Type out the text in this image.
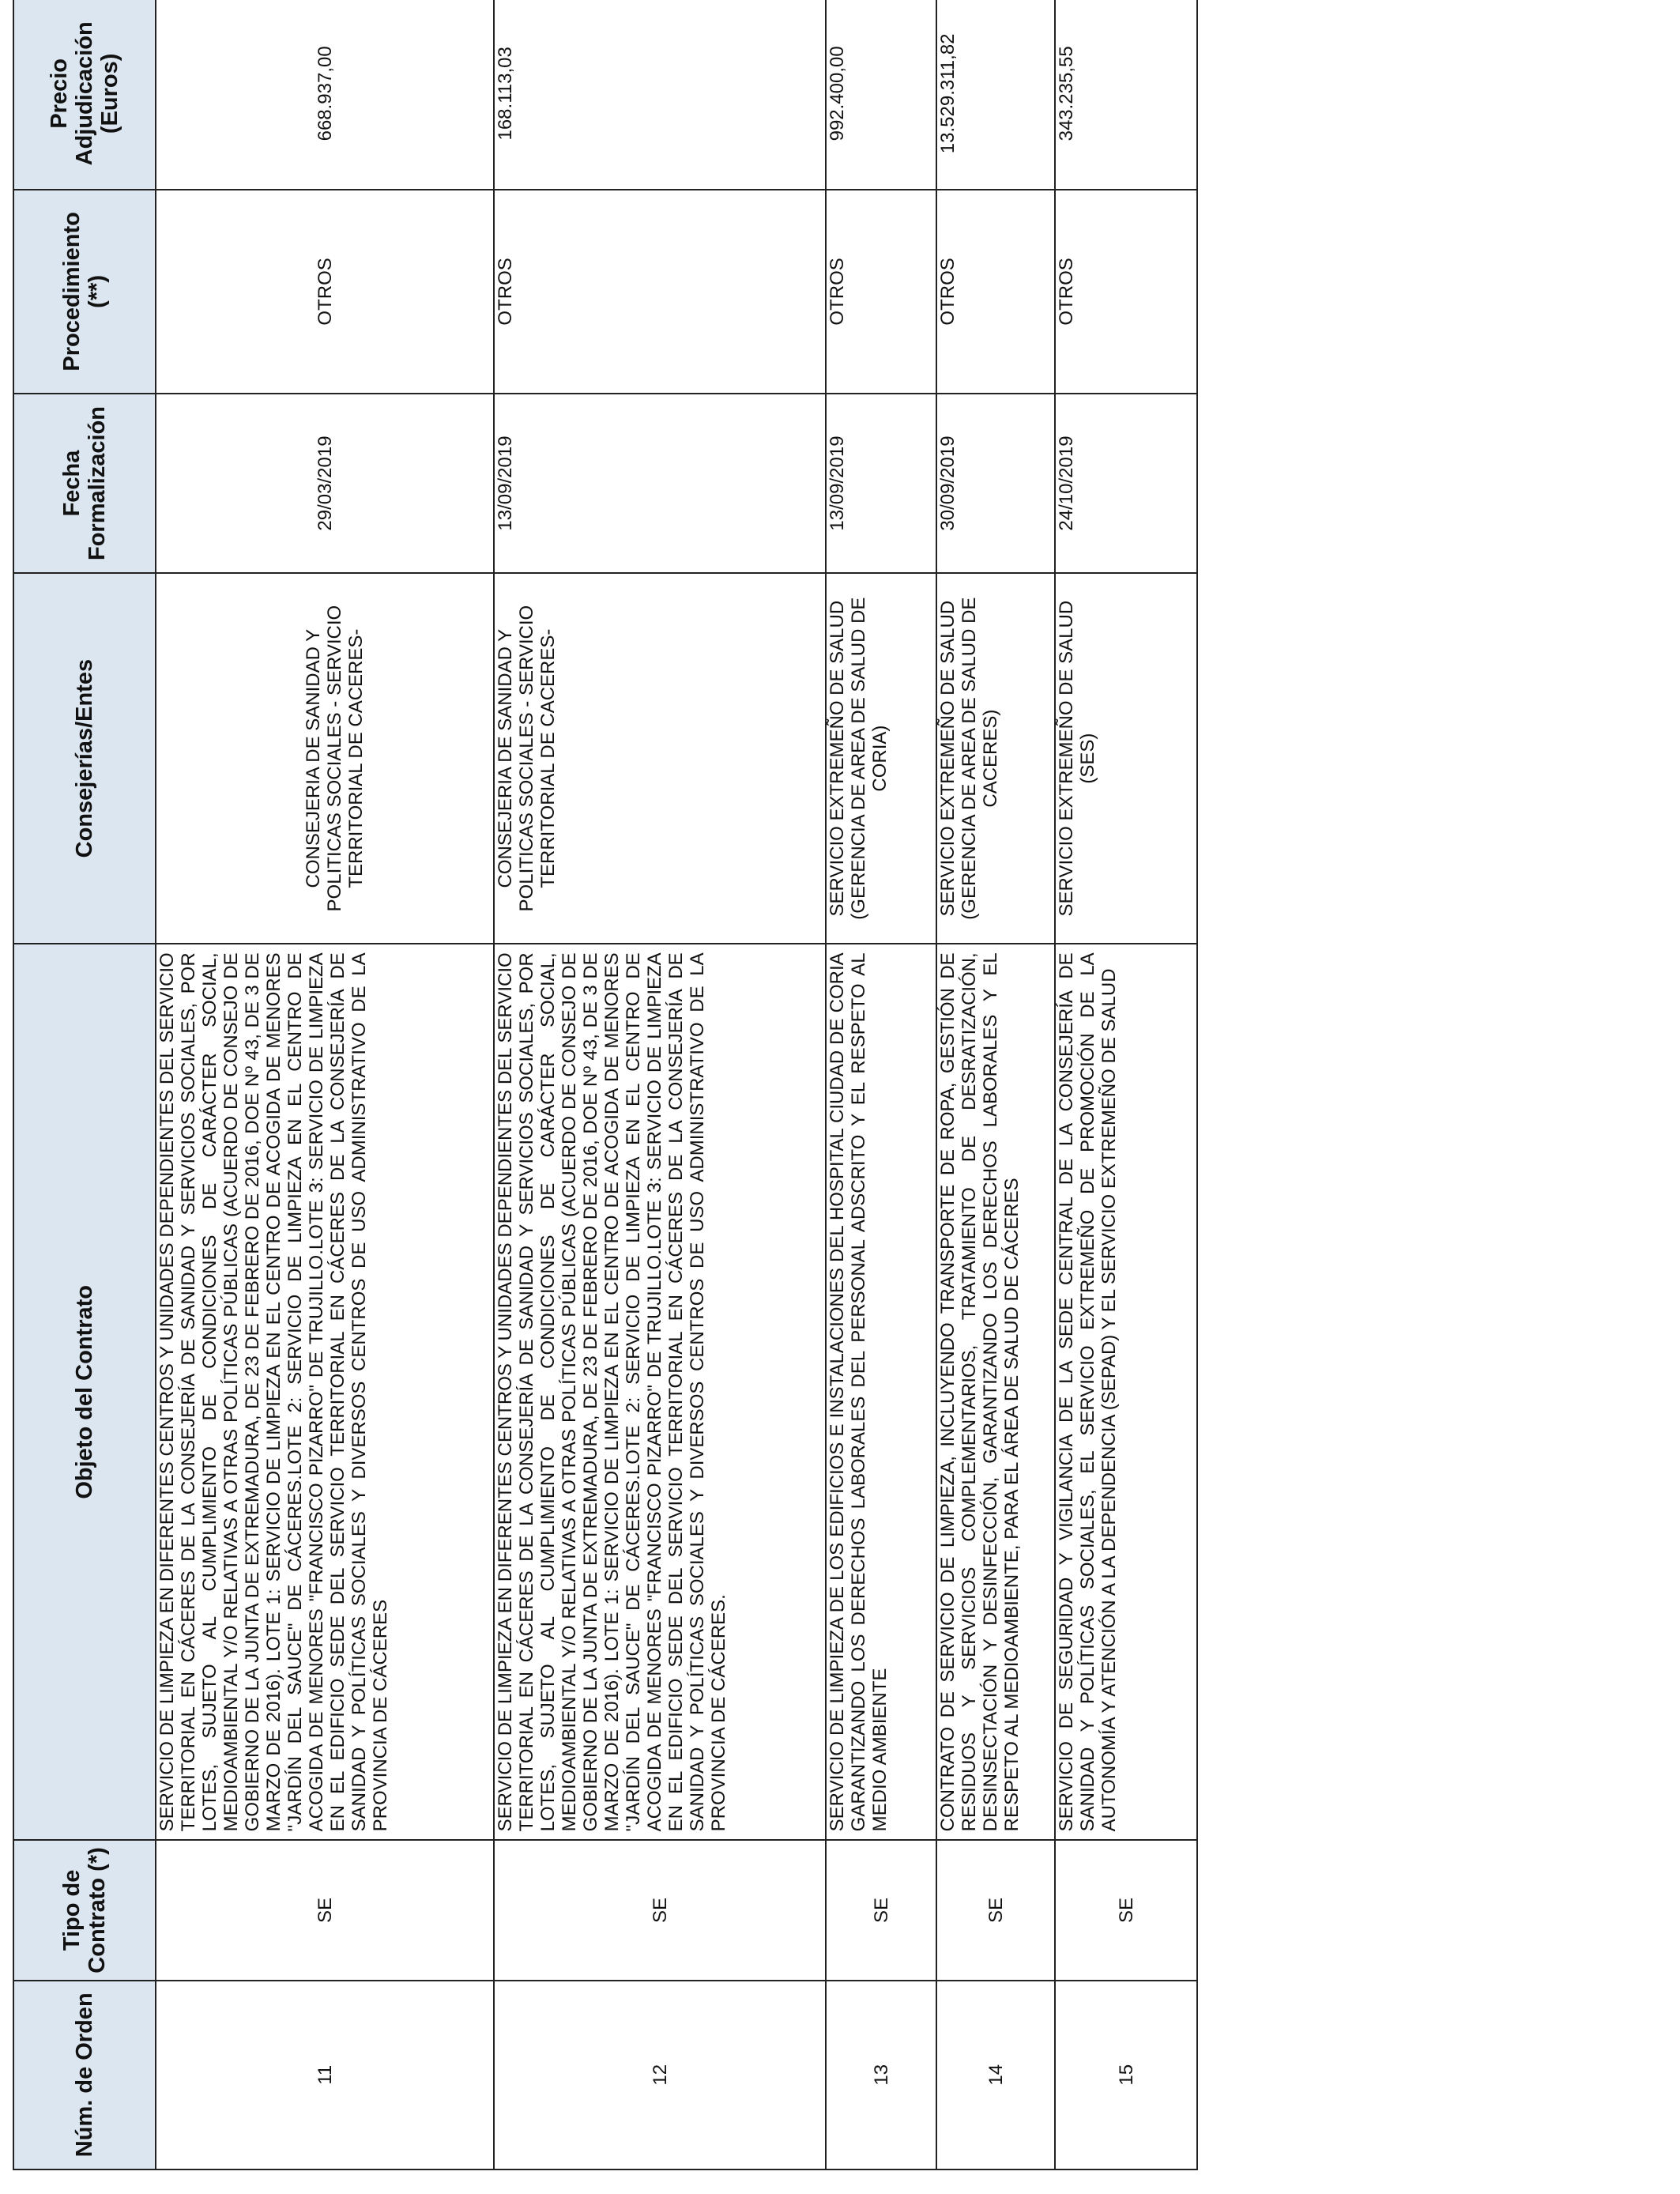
Núm. de Orden	Tipo de Contrato (*)	Objeto del Contrato	Consejerías/Entes	Fecha Formalización	Procedimiento (**)	Precio Adjudicación (Euros)
11	SE	SERVICIO DE LIMPIEZA EN DIFERENTES CENTROS Y UNIDADES DEPENDIENTES DEL SERVICIO TERRITORIAL EN CÁCERES DE LA CONSEJERÍA DE SANIDAD Y SERVICIOS SOCIALES, POR LOTES, SUJETO AL CUMPLIMIENTO DE CONDICIONES DE CARÁCTER SOCIAL, MEDIOAMBIENTAL Y/O RELATIVAS A OTRAS POLÍTICAS PÚBLICAS (ACUERDO DE CONSEJO DE GOBIERNO DE LA JUNTA DE EXTREMADURA, DE 23 DE FEBRERO DE 2016, DOE Nº 43, DE 3 DE MARZO DE 2016). LOTE 1: SERVICIO DE LIMPIEZA EN EL CENTRO DE ACOGIDA DE MENORES "JARDÍN DEL SAUCE" DE CÁCERES.LOTE 2: SERVICIO DE LIMPIEZA EN EL CENTRO DE ACOGIDA DE MENORES "FRANCISCO PIZARRO" DE TRUJILLO.LOTE 3: SERVICIO DE LIMPIEZA EN EL EDIFICIO SEDE DEL SERVICIO TERRITORIAL EN CÁCERES DE LA CONSEJERÍA DE SANIDAD Y POLÍTICAS SOCIALES Y DIVERSOS CENTROS DE USO ADMINISTRATIVO DE LA PROVINCIA DE CÁCERES	CONSEJERIA DE SANIDAD Y POLITICAS SOCIALES - SERVICIO TERRITORIAL DE CACERES-	29/03/2019	OTROS	668.937,00
12	SE	SERVICIO DE LIMPIEZA EN DIFERENTES CENTROS Y UNIDADES DEPENDIENTES DEL SERVICIO TERRITORIAL EN CÁCERES DE LA CONSEJERÍA DE SANIDAD Y SERVICIOS SOCIALES, POR LOTES, SUJETO AL CUMPLIMIENTO DE CONDICIONES DE CARÁCTER SOCIAL, MEDIOAMBIENTAL Y/O RELATIVAS A OTRAS POLÍTICAS PÚBLICAS (ACUERDO DE CONSEJO DE GOBIERNO DE LA JUNTA DE EXTREMADURA, DE 23 DE FEBRERO DE 2016, DOE Nº 43, DE 3 DE MARZO DE 2016). LOTE 1: SERVICIO DE LIMPIEZA EN EL CENTRO DE ACOGIDA DE MENORES "JARDÍN DEL SAUCE" DE CÁCERES.LOTE 2: SERVICIO DE LIMPIEZA EN EL CENTRO DE ACOGIDA DE MENORES "FRANCISCO PIZARRO" DE TRUJILLO.LOTE 3: SERVICIO DE LIMPIEZA EN EL EDIFICIO SEDE DEL SERVICIO TERRITORIAL EN CÁCERES DE LA CONSEJERÍA DE SANIDAD Y POLÍTICAS SOCIALES Y DIVERSOS CENTROS DE USO ADMINISTRATIVO DE LA PROVINCIA DE CÁCERES.	CONSEJERIA DE SANIDAD Y POLITICAS SOCIALES - SERVICIO TERRITORIAL DE CACERES-	13/09/2019	OTROS	168.113,03
13	SE	SERVICIO DE LIMPIEZA DE LOS EDIFICIOS E INSTALACIONES DEL HOSPITAL CIUDAD DE CORIA GARANTIZANDO LOS DERECHOS LABORALES DEL PERSONAL ADSCRITO Y EL RESPETO AL MEDIO AMBIENTE	SERVICIO EXTREMEÑO DE SALUD (GERENCIA DE AREA DE SALUD DE CORIA)	13/09/2019	OTROS	992.400,00
14	SE	CONTRATO DE SERVICIO DE LIMPIEZA, INCLUYENDO TRANSPORTE DE ROPA, GESTIÓN DE RESIDUOS Y SERVICIOS COMPLEMENTARIOS, TRATAMIENTO DE DESRATIZACIÓN, DESINSECTACIÓN Y DESINFECCIÓN, GARANTIZANDO LOS DERECHOS LABORALES Y EL RESPETO AL MEDIOAMBIENTE, PARA EL ÁREA DE SALUD DE CÁCERES	SERVICIO EXTREMEÑO DE SALUD (GERENCIA DE AREA DE SALUD DE CACERES)	30/09/2019	OTROS	13.529.311,82
15	SE	SERVICIO DE SEGURIDAD Y VIGILANCIA DE LA SEDE CENTRAL DE LA CONSEJERÍA DE SANIDAD Y POLÍTICAS SOCIALES, EL SERVICIO EXTREMEÑO DE PROMOCIÓN DE LA AUTONOMÍA Y ATENCIÓN A LA DEPENDENCIA (SEPAD) Y EL SERVICIO EXTREMEÑO DE SALUD	SERVICIO EXTREMEÑO DE SALUD (SES)	24/10/2019	OTROS	343.235,55
